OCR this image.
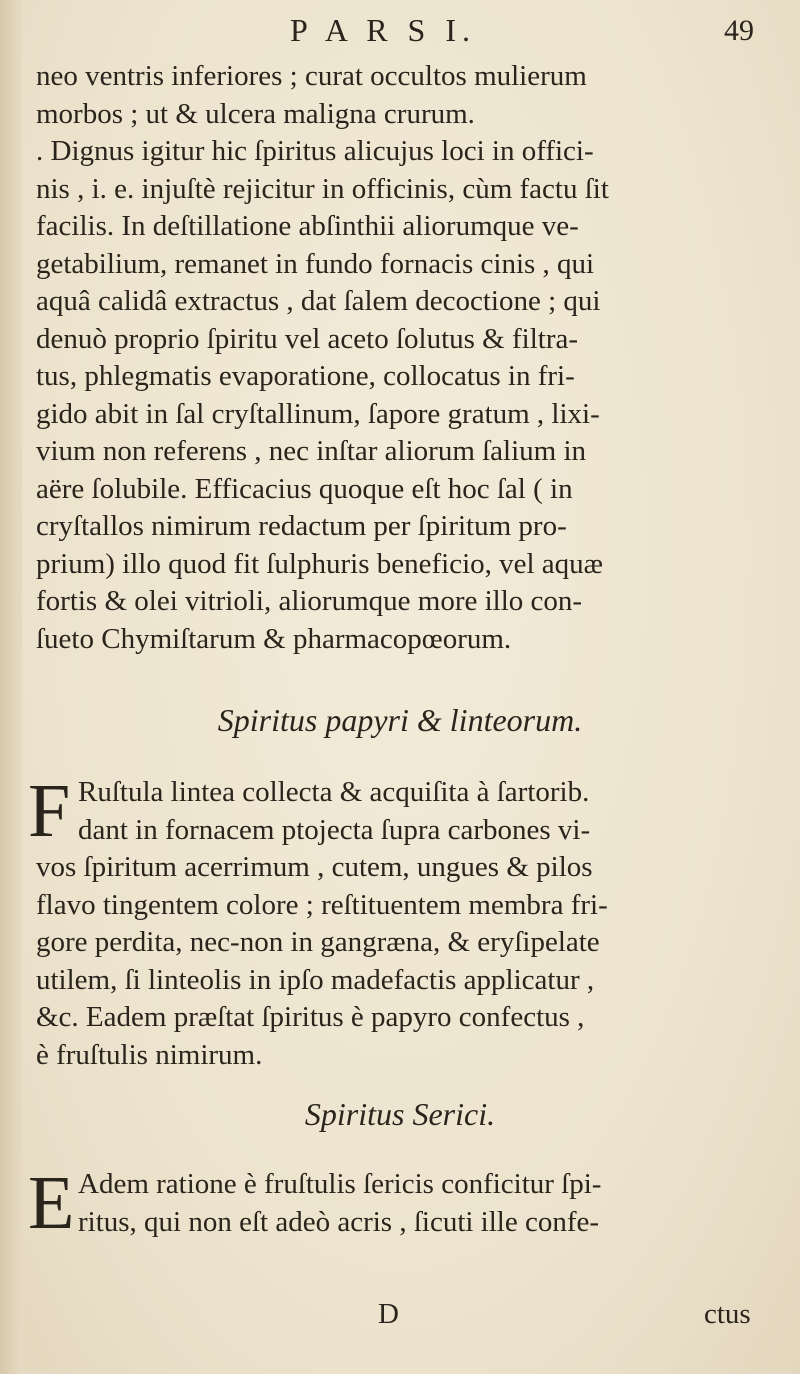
P A R S I.	49
neo ventris inferiores ; curat occultos mulierum
morbos ; ut & ulcera maligna crurum.
. Dignus igitur hic ſpiritus alicujus loci in offici-
nis , i. e. injuſtè rejicitur in officinis, cùm factu ſit
facilis. In deſtillatione abſinthii aliorumque ve-
getabilium, remanet in fundo fornacis cinis , qui
aquâ calidâ extractus , dat ſalem decoctione ; qui
denuò proprio ſpiritu vel aceto ſolutus & filtra-
tus, phlegmatis evaporatione, collocatus in fri-
gido abit in ſal cryſtallinum, ſapore gratum , lixi-
vium non referens , nec inſtar aliorum ſalium in
aëre ſolubile. Efficacius quoque eſt hoc ſal ( in
cryſtallos nimirum redactum per ſpiritum pro-
prium) illo quod fit ſulphuris beneficio, vel aquæ
fortis & olei vitrioli, aliorumque more illo con-
ſueto Chymiſtarum & pharmacopœorum.

Spiritus papyri & linteorum.

F Ruſtula lintea collecta & acquiſita à ſartorib.
dant in fornacem ptojecta ſupra carbones vi-
vos ſpiritum acerrimum , cutem, ungues & pilos
flavo tingentem colore ; reſtituentem membra fri-
gore perdita, nec-non in gangræna, & eryſipelate
utilem, ſi linteolis in ipſo madefactis applicatur ,
&c. Eadem præſtat ſpiritus è papyro confectus ,
è fruſtulis nimirum.

Spiritus Serici.

E Adem ratione è fruſtulis ſericis conficitur ſpi-
ritus, qui non eſt adeò acris , ſicuti ille confe-
D	ctus
